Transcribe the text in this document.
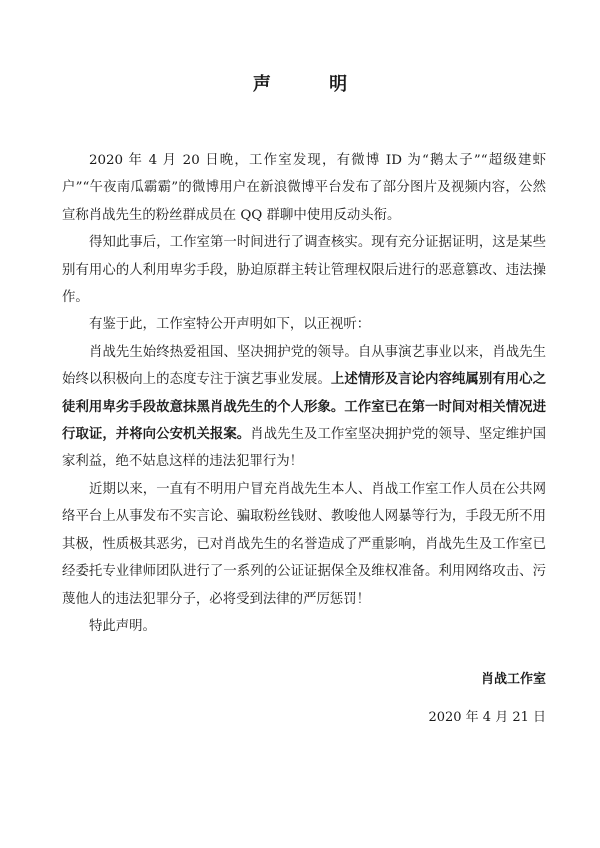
声 明

2020 年 4 月 20 日晚，工作室发现，有微博 ID 为“鹅太子”“超级建虾户”“午夜南瓜霸霸”的微博用户在新浪微博平台发布了部分图片及视频内容，公然宣称肖战先生的粉丝群成员在 QQ 群聊中使用反动头衔。

得知此事后，工作室第一时间进行了调查核实。现有充分证据证明，这是某些别有用心的人利用卑劣手段，胁迫原群主转让管理权限后进行的恶意篡改、违法操作。

有鉴于此，工作室特公开声明如下，以正视听：

肖战先生始终热爱祖国、坚决拥护党的领导。自从事演艺事业以来，肖战先生始终以积极向上的态度专注于演艺事业发展。上述情形及言论内容纯属别有用心之徒利用卑劣手段故意抹黑肖战先生的个人形象。工作室已在第一时间对相关情况进行取证，并将向公安机关报案。肖战先生及工作室坚决拥护党的领导、坚定维护国家利益，绝不姑息这样的违法犯罪行为！

近期以来，一直有不明用户冒充肖战先生本人、肖战工作室工作人员在公共网络平台上从事发布不实言论、骗取粉丝钱财、教唆他人网暴等行为，手段无所不用其极，性质极其恶劣，已对肖战先生的名誉造成了严重影响，肖战先生及工作室已经委托专业律师团队进行了一系列的公证证据保全及维权准备。利用网络攻击、污蔑他人的违法犯罪分子，必将受到法律的严厉惩罚！

特此声明。

肖战工作室
2020 年 4 月 21 日
